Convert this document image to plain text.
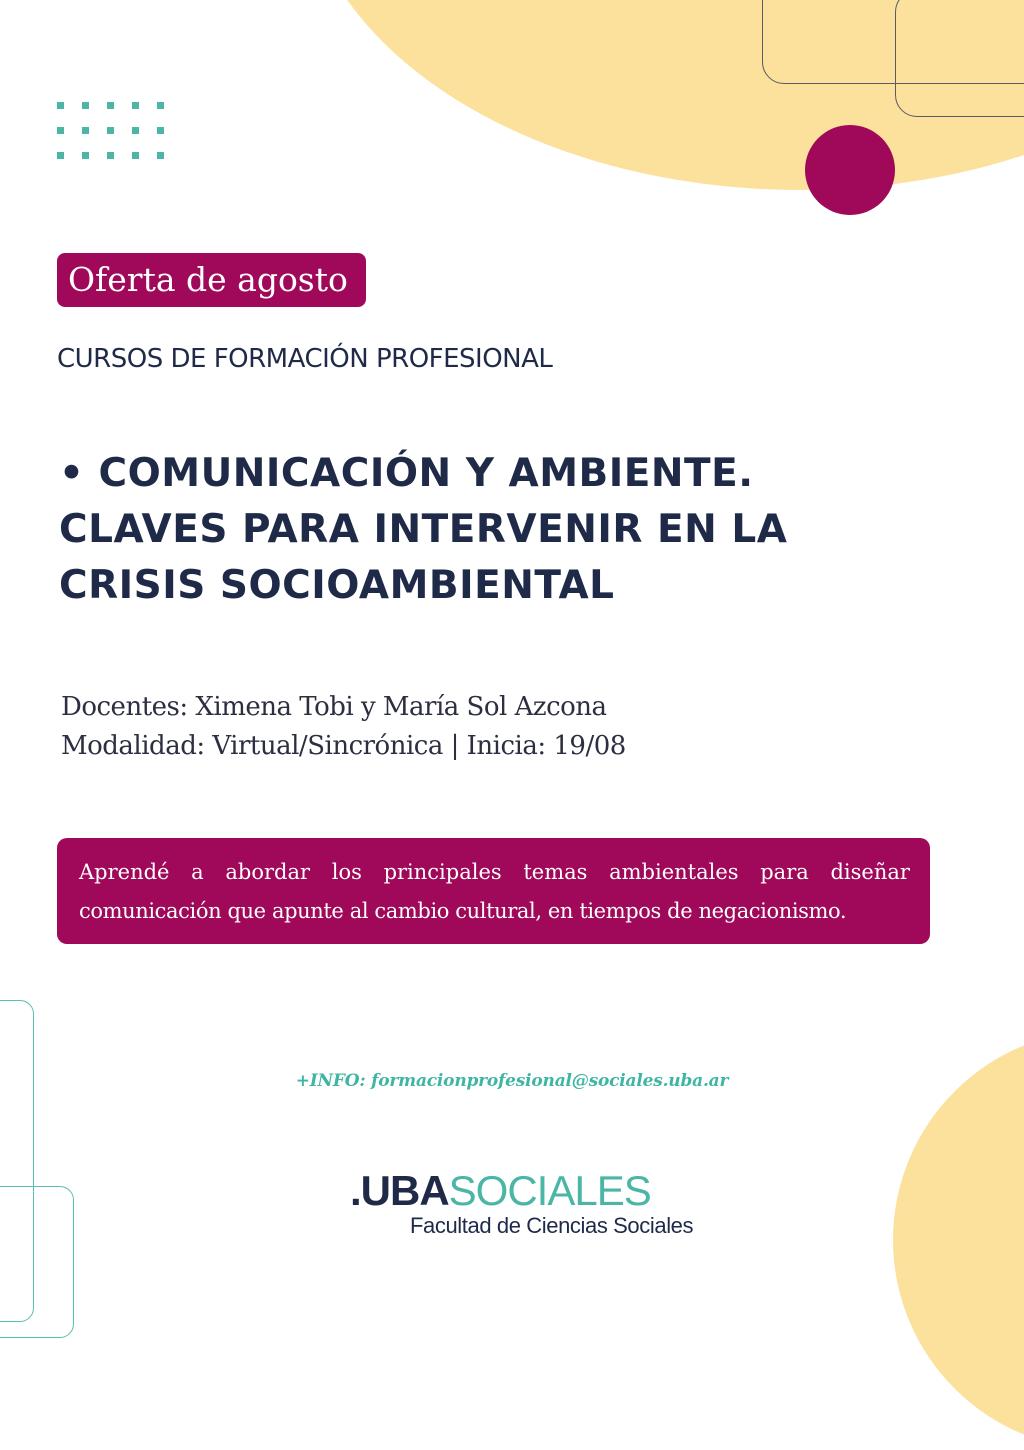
Oferta de agosto
CURSOS DE FORMACIÓN PROFESIONAL
• COMUNICACIÓN Y AMBIENTE.
CLAVES PARA INTERVENIR EN LA
CRISIS SOCIOAMBIENTAL
Docentes: Ximena Tobi y María Sol Azcona
Modalidad: Virtual/Sincrónica | Inicia: 19/08
Aprendé a abordar los principales temas ambientales para diseñar
comunicación que apunte al cambio cultural, en tiempos de negacionismo.
+INFO: formacionprofesional@sociales.uba.ar
.UBASOCIALES
Facultad de Ciencias Sociales
